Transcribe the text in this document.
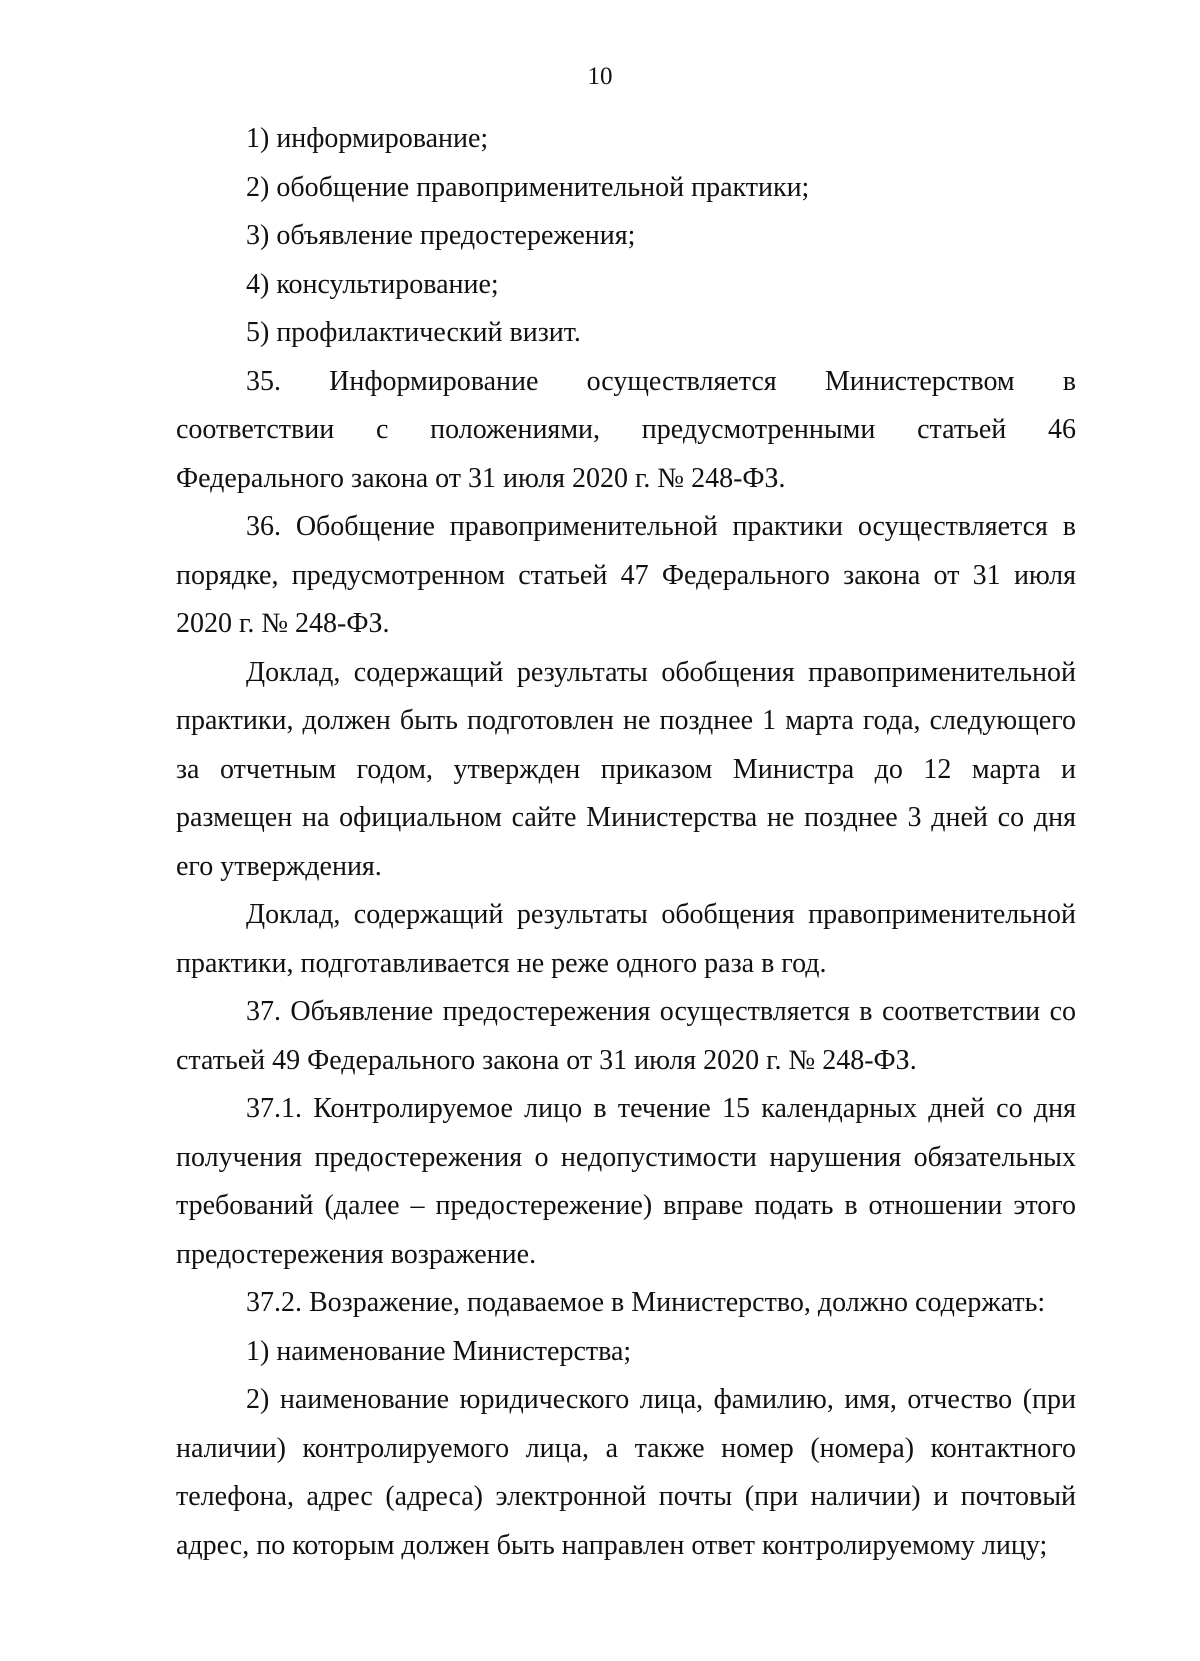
10

1) информирование;

2) обобщение правоприменительной практики;

3) объявление предостережения;

4) консультирование;

5) профилактический визит.

35. Информирование осуществляется Министерством в соответствии с положениями, предусмотренными статьей 46 Федерального закона от 31 июля 2020 г. № 248-ФЗ.

36. Обобщение правоприменительной практики осуществляется в порядке, предусмотренном статьей 47 Федерального закона от 31 июля 2020 г. № 248-ФЗ.

Доклад, содержащий результаты обобщения правоприменительной практики, должен быть подготовлен не позднее 1 марта года, следующего за отчетным годом, утвержден приказом Министра до 12 марта и размещен на официальном сайте Министерства не позднее 3 дней со дня его утверждения.

Доклад, содержащий результаты обобщения правоприменительной практики, подготавливается не реже одного раза в год.

37. Объявление предостережения осуществляется в соответствии со статьей 49 Федерального закона от 31 июля 2020 г. № 248-ФЗ.

37.1. Контролируемое лицо в течение 15 календарных дней со дня получения предостережения о недопустимости нарушения обязательных требований (далее – предостережение) вправе подать в отношении этого предостережения возражение.

37.2. Возражение, подаваемое в Министерство, должно содержать:

1) наименование Министерства;

2) наименование юридического лица, фамилию, имя, отчество (при наличии) контролируемого лица, а также номер (номера) контактного телефона, адрес (адреса) электронной почты (при наличии) и почтовый адрес, по которым должен быть направлен ответ контролируемому лицу;
